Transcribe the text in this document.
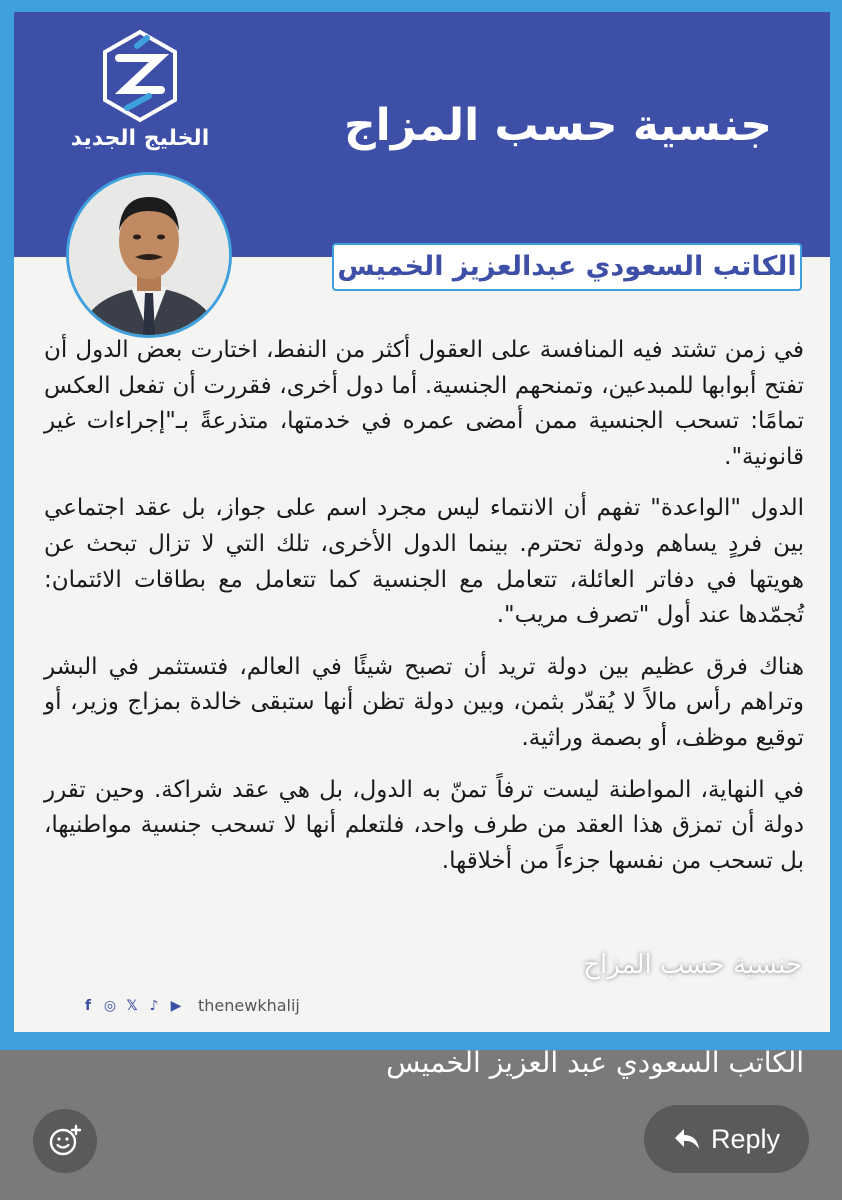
الخليج الجديد	جنسية حسب المزاج
الكاتب السعودي عبدالعزيز الخميس

في زمن تشتد فيه المنافسة على العقول أكثر من النفط، اختارت بعض الدول أن تفتح أبوابها للمبدعين، وتمنحهم الجنسية. أما دول أخرى، فقررت أن تفعل العكس تمامًا: تسحب الجنسية ممن أمضى عمره في خدمتها، متذرعةً بـ"إجراءات غير قانونية".

الدول "الواعدة" تفهم أن الانتماء ليس مجرد اسم على جواز، بل عقد اجتماعي بين فردٍ يساهم ودولة تحترم. بينما الدول الأخرى، تلك التي لا تزال تبحث عن هويتها في دفاتر العائلة، تتعامل مع الجنسية كما تتعامل مع بطاقات الائتمان: تُجمّدها عند أول "تصرف مريب".

هناك فرق عظيم بين دولة تريد أن تصبح شيئًا في العالم، فتستثمر في البشر وتراهم رأس مالاً لا يُقدّر بثمن، وبين دولة تظن أنها ستبقى خالدة بمزاج وزير، أو توقيع موظف، أو بصمة وراثية.

في النهاية، المواطنة ليست ترفاً تمنّ به الدول، بل هي عقد شراكة. وحين تقرر دولة أن تمزق هذا العقد من طرف واحد، فلتعلم أنها لا تسحب جنسية مواطنيها، بل تسحب من نفسها جزءاً من أخلاقها.

f ◎ 𝕏 ♪ ▶ thenewkhalij
جنسية حسب المزاج
الكاتب السعودي عبد العزيز الخميس
Reply
